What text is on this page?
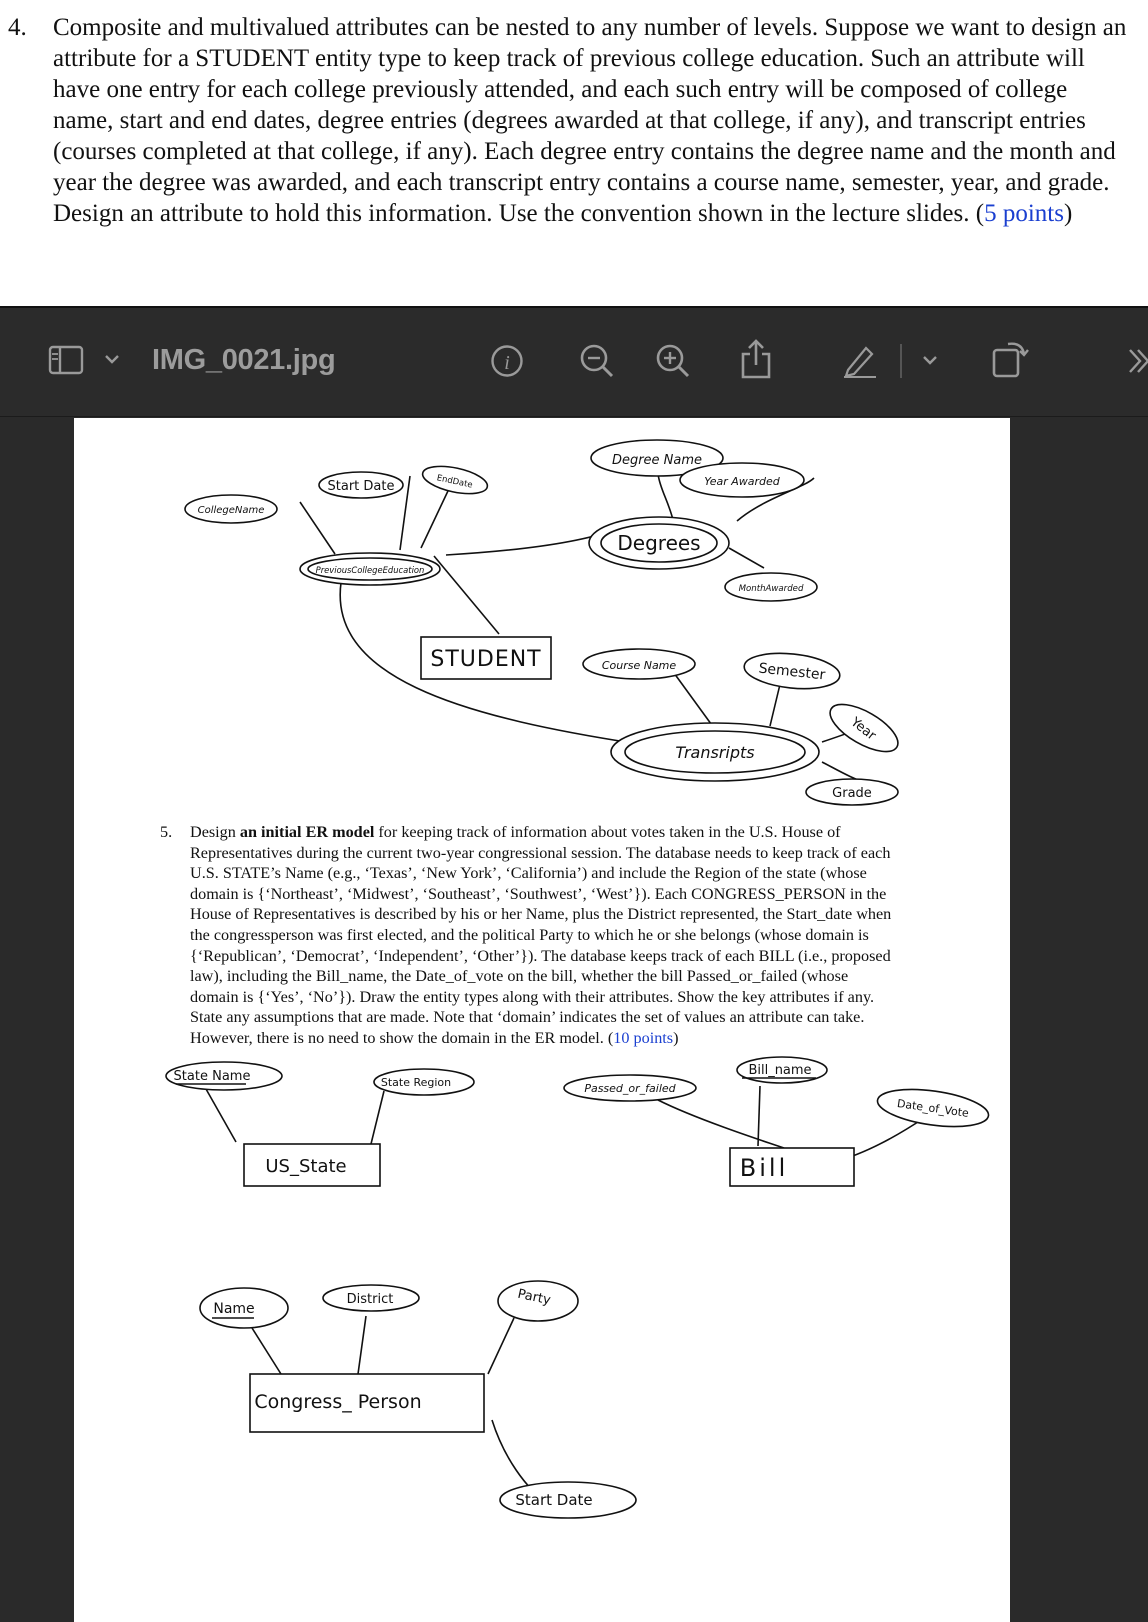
4. Composite and multivalued attributes can be nested to any number of levels. Suppose we want to design an attribute for a STUDENT entity type to keep track of previous college education. Such an attribute will have one entry for each college previously attended, and each such entry will be composed of college name, start and end dates, degree entries (degrees awarded at that college, if any), and transcript entries (courses completed at that college, if any). Each degree entry contains the degree name and the month and year the degree was awarded, and each transcript entry contains a course name, semester, year, and grade. Design an attribute to hold this information. Use the convention shown in the lecture slides. (5 points)
IMG_0021.jpg	i
Degree Name
Start Date	EndDate	Year Awarded
CollegeName
Degrees
PreviousCollegeEducation
MonthAwarded
STUDENT	Course Name	Semester
Year
Transripts
Grade
State Name	State Region
US_State
Passed_or_failed
Bill_name
Date_of_Vote
Bill
Name
District	Party
Congress_ Person
Start Date
5. Design an initial ER model for keeping track of information about votes taken in the U.S. House of Representatives during the current two-year congressional session. The database needs to keep track of each U.S. STATE’s Name (e.g., ‘Texas’, ‘New York’, ‘California’) and include the Region of the state (whose domain is {‘Northeast’, ‘Midwest’, ‘Southeast’, ‘Southwest’, ‘West’}). Each CONGRESS_PERSON in the House of Representatives is described by his or her Name, plus the District represented, the Start_date when the congressperson was first elected, and the political Party to which he or she belongs (whose domain is {‘Republican’, ‘Democrat’, ‘Independent’, ‘Other’}). The database keeps track of each BILL (i.e., proposed law), including the Bill_name, the Date_of_vote on the bill, whether the bill Passed_or_failed (whose domain is {‘Yes’, ‘No’}). Draw the entity types along with their attributes. Show the key attributes if any. State any assumptions that are made. Note that ‘domain’ indicates the set of values an attribute can take. However, there is no need to show the domain in the ER model. (10 points)
